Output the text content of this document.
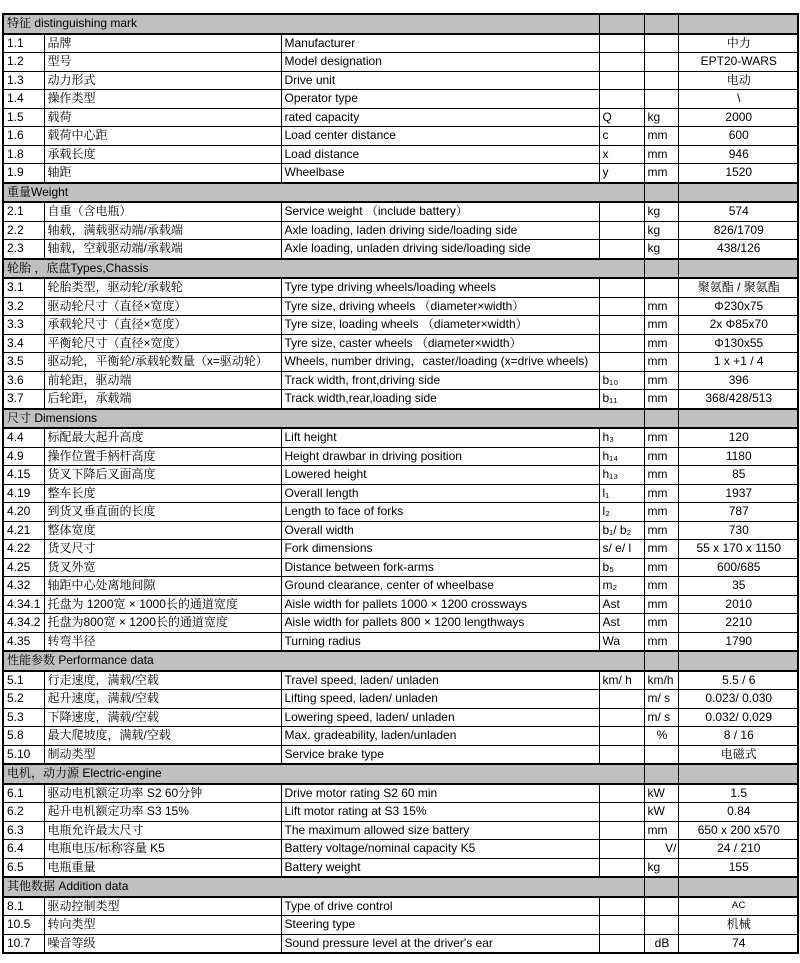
特征 distinguishing mark					
1.1	品牌	Manufacturer			中力
1.2	型号	Model designation			EPT20-WARS
1.3	动力形式	Drive unit			电动
1.4	操作类型	Operator type			\
1.5	载荷	rated capacity	Q	kg	2000
1.6	载荷中心距	Load center distance	c	mm	600
1.8	承载长度	Load distance	x	mm	946
1.9	轴距	Wheelbase	y	mm	1520
重量Weight					
2.1	自重（含电瓶）	Service weight （include battery）		kg	574
2.2	轴载，满载驱动端/承载端	Axle loading, laden driving side/loading side		kg	826/1709
2.3	轴载，空载驱动端/承载端	Axle loading, unladen driving side/loading side		kg	438/126
轮胎 ，底盘Types,Chassis					
3.1	轮胎类型，驱动轮/承载轮	Tyre type driving wheels/loading wheels			聚氨酯 / 聚氨酯
3.2	驱动轮尺寸（直径×宽度）	Tyre size, driving wheels （diameter×width）		mm	Φ230x75
3.3	承载轮尺寸（直径×宽度）	Tyre size, loading wheels （diameter×width）		mm	2x Φ85x70
3.4	平衡轮尺寸（直径×宽度）	Tyre size, caster wheels （diameter×width）		mm	Φ130x55
3.5	驱动轮，平衡轮/承载轮数量（x=驱动轮）	Wheels, number driving，caster/loading (x=drive wheels)		mm	1 x +1 / 4
3.6	前轮距，驱动端	Track width, front,driving side	b₁₀	mm	396
3.7	后轮距，承载端	Track width,rear,loading side	b₁₁	mm	368/428/513
尺寸 Dimensions					
4.4	标配最大起升高度	Lift height	h₃	mm	120
4.9	操作位置手柄杆高度	Height drawbar in driving position	h₁₄	mm	1180
4.15	货叉下降后叉面高度	Lowered height	h₁₃	mm	85
4.19	整车长度	Overall length	l₁	mm	1937
4.20	到货叉垂直面的长度	Length to face of forks	l₂	mm	787
4.21	整体宽度	Overall width	b₁/ b₂	mm	730
4.22	货叉尺寸	Fork dimensions	s/ e/ l	mm	55 x 170 x 1150
4.25	货叉外宽	Distance between fork-arms	b₅	mm	600/685
4.32	轴距中心处离地间隙	Ground clearance, center of wheelbase	m₂	mm	35
4.34.1	托盘为 1200宽 × 1000长的通道宽度	Aisle width for pallets 1000 × 1200 crossways	Ast	mm	2010
4.34.2	托盘为800宽 × 1200长的通道宽度	Aisle width for pallets 800 × 1200 lengthways	Ast	mm	2210
4.35	转弯半径	Turning radius	Wa	mm	1790
性能参数 Performance data					
5.1	行走速度，满载/空载	Travel speed, laden/ unladen	km/ h	km/h	5.5 / 6
5.2	起升速度，满载/空载	Lifting speed, laden/ unladen		m/ s	0.023/ 0.030
5.3	下降速度，满载/空载	Lowering speed, laden/ unladen		m/ s	0.032/ 0.029
5.8	最大爬坡度，满载/空载	Max. gradeability, laden/unladen		%	8 / 16
5.10	制动类型	Service brake type			电磁式
电机，动力源 Electric-engine					
6.1	驱动电机额定功率 S2 60分钟	Drive motor rating S2 60 min		kW	1.5
6.2	起升电机额定功率 S3 15%	Lift motor rating at S3 15%		kW	0.84
6.3	电瓶允许最大尺寸	The maximum allowed size battery		mm	650 x 200 x570
6.4	电瓶电压/标称容量 K5	Battery voltage/nominal capacity K5		V/	24 / 210
6.5	电瓶重量	Battery weight		kg	155
其他数据 Addition data					
8.1	驱动控制类型	Type of drive control			AC
10.5	转向类型	Steering type			机械
10.7	噪音等级	Sound pressure level at the driver's ear		dB	74
